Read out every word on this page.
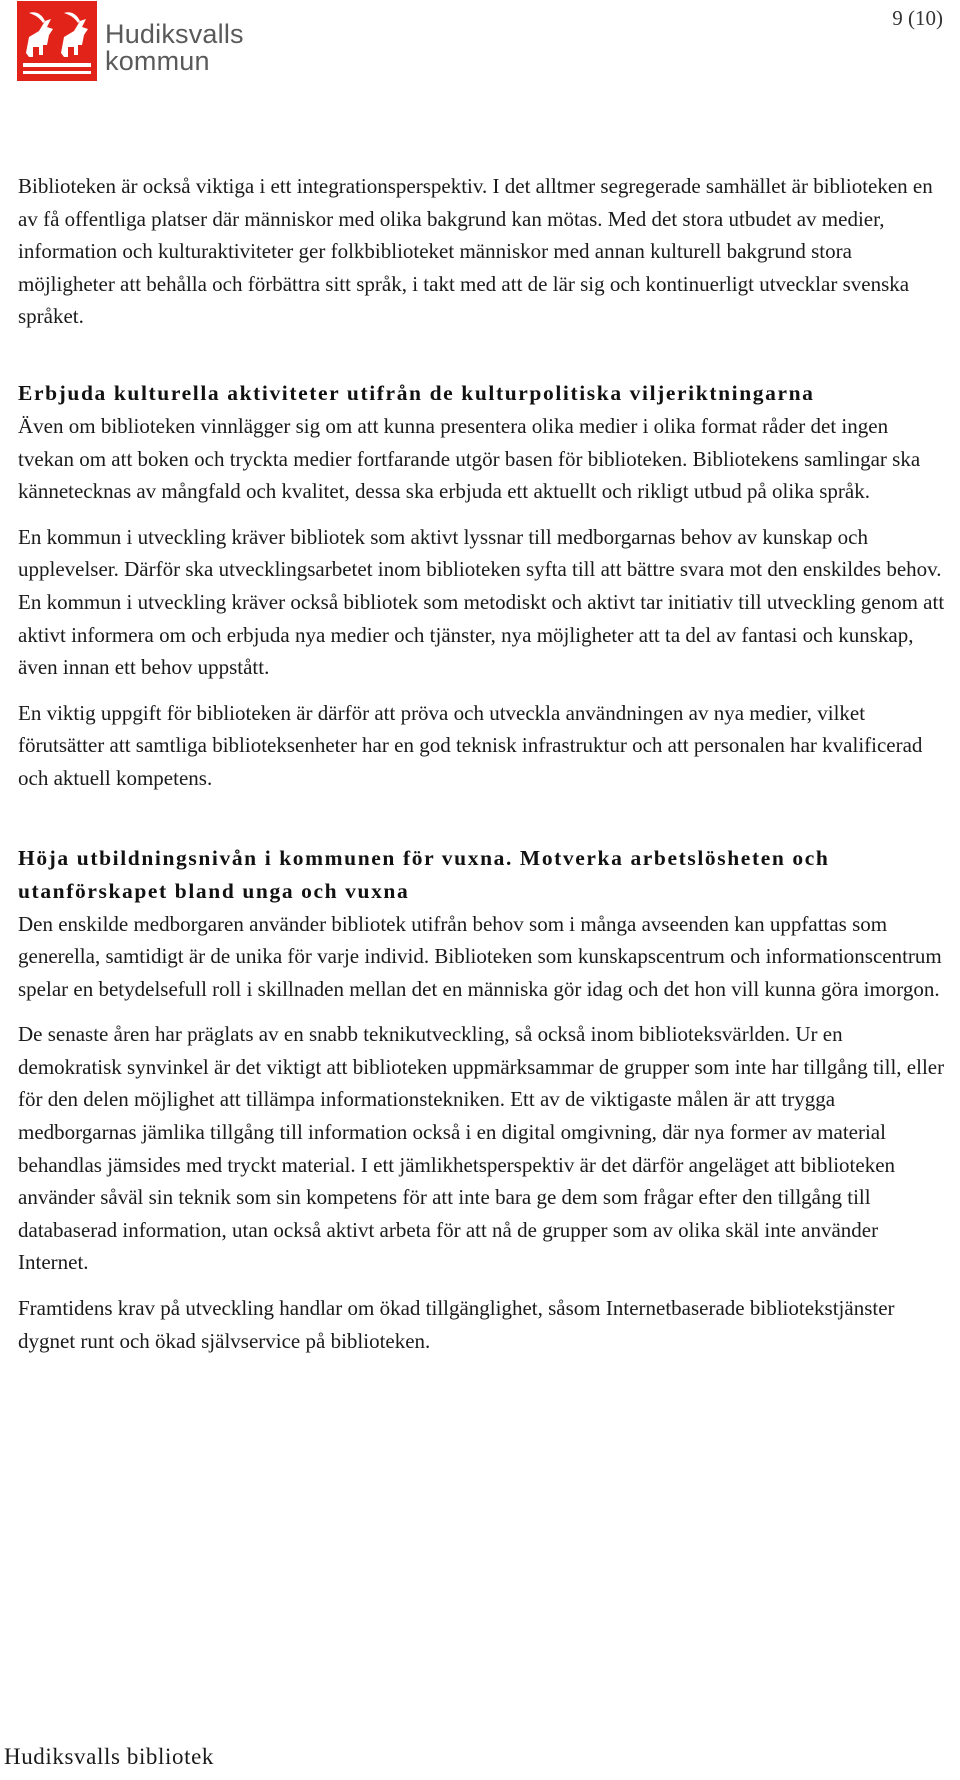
Hudiksvalls
kommun
9 (10)

Biblioteken är också viktiga i ett integrationsperspektiv. I det alltmer segregerade samhället är biblioteken en av få offentliga platser där människor med olika bakgrund kan mötas. Med det stora utbudet av medier, information och kulturaktiviteter ger folkbiblioteket människor med annan kulturell bakgrund stora möjligheter att behålla och förbättra sitt språk, i takt med att de lär sig och kontinuerligt utvecklar svenska språket.

Erbjuda kulturella aktiviteter utifrån de kulturpolitiska viljeriktningarna

Även om biblioteken vinnlägger sig om att kunna presentera olika medier i olika format råder det ingen tvekan om att boken och tryckta medier fortfarande utgör basen för biblioteken. Bibliotekens samlingar ska kännetecknas av mångfald och kvalitet, dessa ska erbjuda ett aktuellt och rikligt utbud på olika språk.

En kommun i utveckling kräver bibliotek som aktivt lyssnar till medborgarnas behov av kunskap och upplevelser. Därför ska utvecklingsarbetet inom biblioteken syfta till att bättre svara mot den enskildes behov. En kommun i utveckling kräver också bibliotek som metodiskt och aktivt tar initiativ till utveckling genom att aktivt informera om och erbjuda nya medier och tjänster, nya möjligheter att ta del av fantasi och kunskap, även innan ett behov uppstått.

En viktig uppgift för biblioteken är därför att pröva och utveckla användningen av nya medier, vilket förutsätter att samtliga biblioteksenheter har en god teknisk infrastruktur och att personalen har kvalificerad och aktuell kompetens.

Höja utbildningsnivån i kommunen för vuxna. Motverka arbetslösheten och utanförskapet bland unga och vuxna

Den enskilde medborgaren använder bibliotek utifrån behov som i många avseenden kan uppfattas som generella, samtidigt är de unika för varje individ. Biblioteken som kunskapscentrum och informationscentrum spelar en betydelsefull roll i skillnaden mellan det en människa gör idag och det hon vill kunna göra imorgon.

De senaste åren har präglats av en snabb teknikutveckling, så också inom biblioteksvärlden. Ur en demokratisk synvinkel är det viktigt att biblioteken uppmärksammar de grupper som inte har tillgång till, eller för den delen möjlighet att tillämpa informationstekniken. Ett av de viktigaste målen är att trygga medborgarnas jämlika tillgång till information också i en digital omgivning, där nya former av material behandlas jämsides med tryckt material. I ett jämlikhetsperspektiv är det därför angeläget att biblioteken använder såväl sin teknik som sin kompetens för att inte bara ge dem som frågar efter den tillgång till databaserad information, utan också aktivt arbeta för att nå de grupper som av olika skäl inte använder Internet.

Framtidens krav på utveckling handlar om ökad tillgänglighet, såsom Internetbaserade bibliotekstjänster dygnet runt och ökad självservice på biblioteken.

Hudiksvalls bibliotek
